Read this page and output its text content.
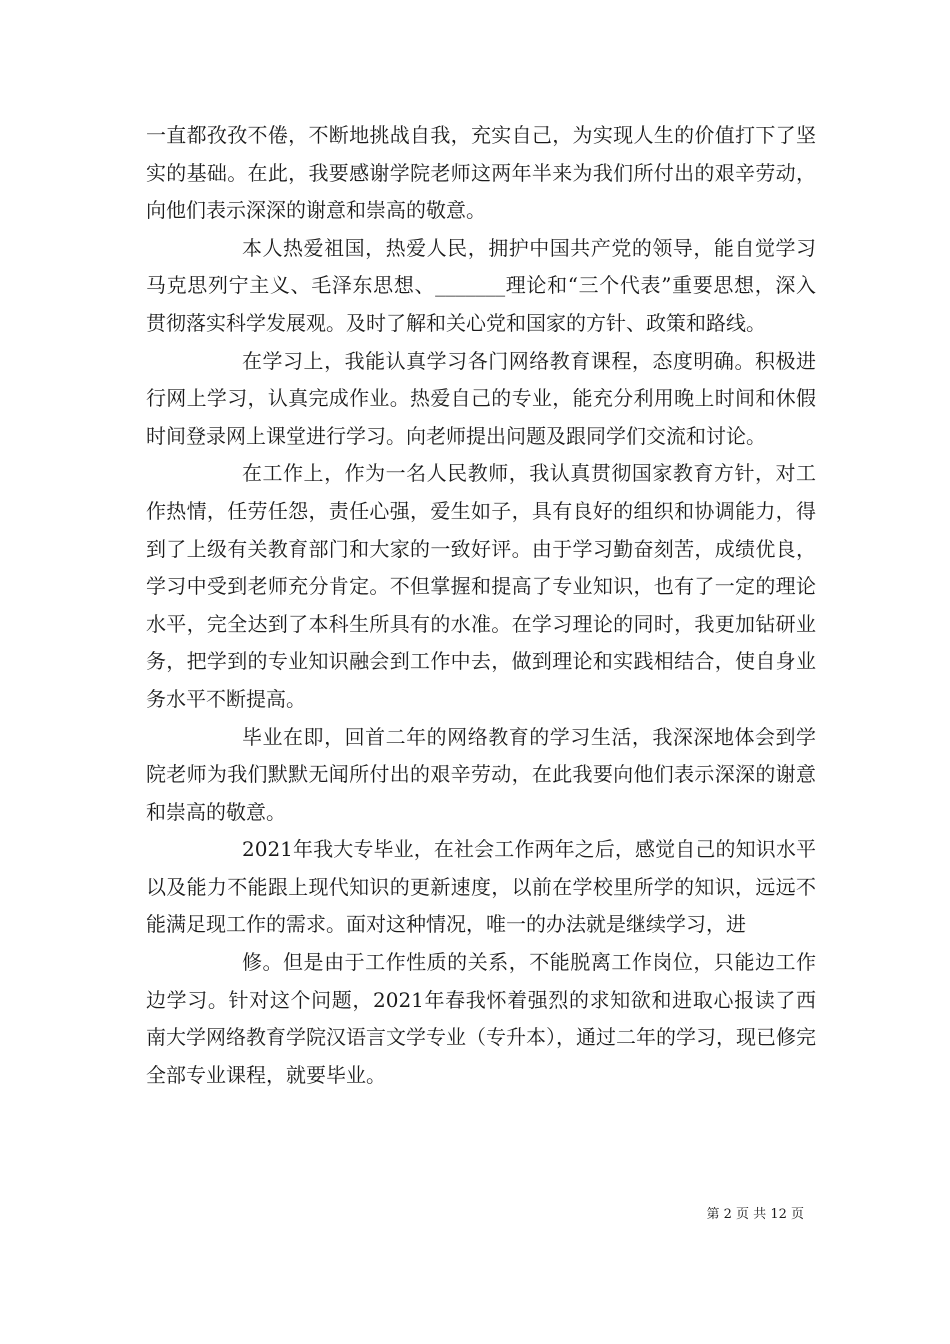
一直都孜孜不倦，不断地挑战自我，充实自己，为实现人生的价值打下了坚实的基础。在此，我要感谢学院老师这两年半来为我们所付出的艰辛劳动，向他们表示深深的谢意和崇高的敬意。

本人热爱祖国，热爱人民，拥护中国共产党的领导，能自觉学习马克思列宁主义、毛泽东思想、_______理论和“三个代表”重要思想，深入贯彻落实科学发展观。及时了解和关心党和国家的方针、政策和路线。

在学习上，我能认真学习各门网络教育课程，态度明确。积极进行网上学习，认真完成作业。热爱自己的专业，能充分利用晚上时间和休假时间登录网上课堂进行学习。向老师提出问题及跟同学们交流和讨论。

在工作上，作为一名人民教师，我认真贯彻国家教育方针，对工作热情，任劳任怨，责任心强，爱生如子，具有良好的组织和协调能力，得到了上级有关教育部门和大家的一致好评。由于学习勤奋刻苦，成绩优良，学习中受到老师充分肯定。不但掌握和提高了专业知识，也有了一定的理论水平，完全达到了本科生所具有的水准。在学习理论的同时，我更加钻研业务，把学到的专业知识融会到工作中去，做到理论和实践相结合，使自身业务水平不断提高。

毕业在即，回首二年的网络教育的学习生活，我深深地体会到学院老师为我们默默无闻所付出的艰辛劳动，在此我要向他们表示深深的谢意和崇高的敬意。

2021年我大专毕业，在社会工作两年之后，感觉自己的知识水平以及能力不能跟上现代知识的更新速度，以前在学校里所学的知识，远远不能满足现工作的需求。面对这种情况，唯一的办法就是继续学习，进

修。但是由于工作性质的关系，不能脱离工作岗位，只能边工作边学习。针对这个问题，2021年春我怀着强烈的求知欲和进取心报读了西南大学网络教育学院汉语言文学专业（专升本），通过二年的学习，现已修完全部专业课程，就要毕业。

第 2 页 共 12 页
